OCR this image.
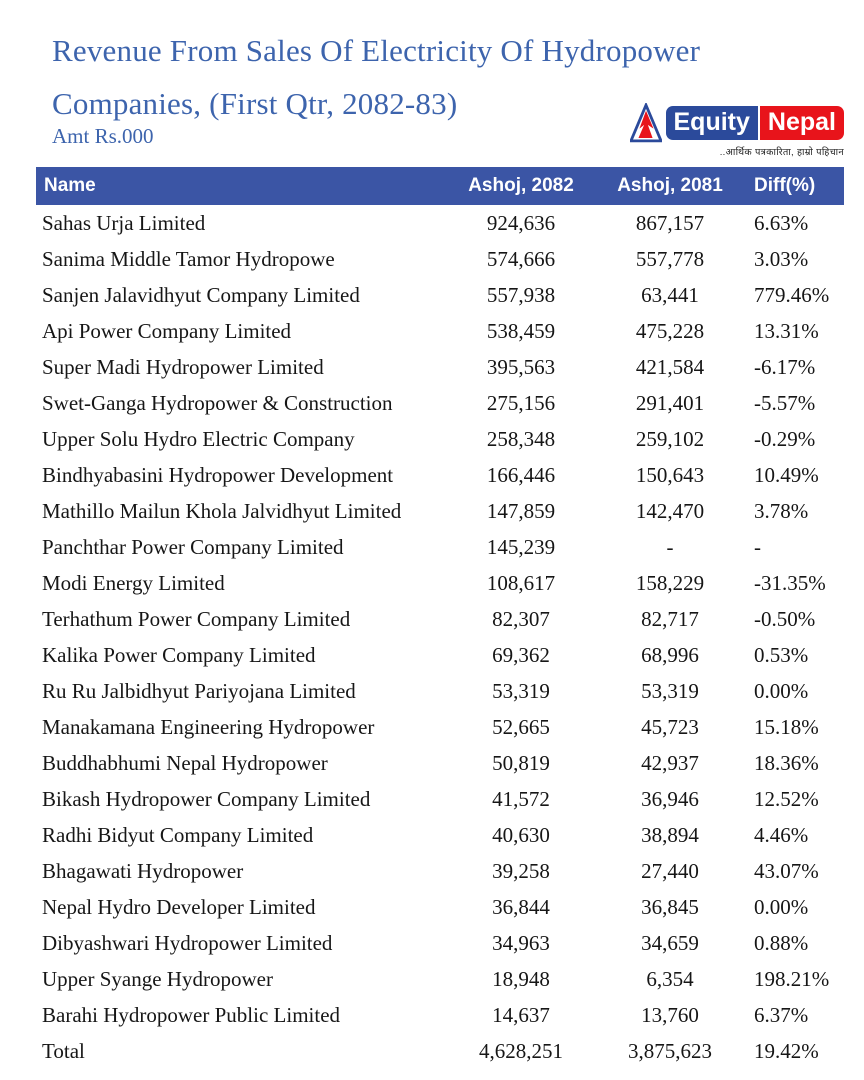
Revenue From Sales Of Electricity Of Hydropower
Companies, (First Qtr, 2082-83)
Amt Rs.000	Equity Nepal
..आर्थिक पत्रकारिता, हाम्रो पहिचान
Name	Ashoj, 2082	Ashoj, 2081	Diff(%)
Sahas Urja Limited	924,636	867,157	6.63%
Sanima Middle Tamor Hydropowe	574,666	557,778	3.03%
Sanjen Jalavidhyut Company Limited	557,938	63,441	779.46%
Api Power Company Limited	538,459	475,228	13.31%
Super Madi Hydropower Limited	395,563	421,584	-6.17%
Swet-Ganga Hydropower & Construction	275,156	291,401	-5.57%
Upper Solu Hydro Electric Company	258,348	259,102	-0.29%
Bindhyabasini Hydropower Development	166,446	150,643	10.49%
Mathillo Mailun Khola Jalvidhyut Limited	147,859	142,470	3.78%
Panchthar Power Company Limited	145,239	-	-
Modi Energy Limited	108,617	158,229	-31.35%
Terhathum Power Company Limited	82,307	82,717	-0.50%
Kalika Power Company Limited	69,362	68,996	0.53%
Ru Ru Jalbidhyut Pariyojana Limited	53,319	53,319	0.00%
Manakamana Engineering Hydropower	52,665	45,723	15.18%
Buddhabhumi Nepal Hydropower	50,819	42,937	18.36%
Bikash Hydropower Company Limited	41,572	36,946	12.52%
Radhi Bidyut Company Limited	40,630	38,894	4.46%
Bhagawati Hydropower	39,258	27,440	43.07%
Nepal Hydro Developer Limited	36,844	36,845	0.00%
Dibyashwari Hydropower Limited	34,963	34,659	0.88%
Upper Syange Hydropower	18,948	6,354	198.21%
Barahi Hydropower Public Limited	14,637	13,760	6.37%
Total	4,628,251	3,875,623	19.42%
